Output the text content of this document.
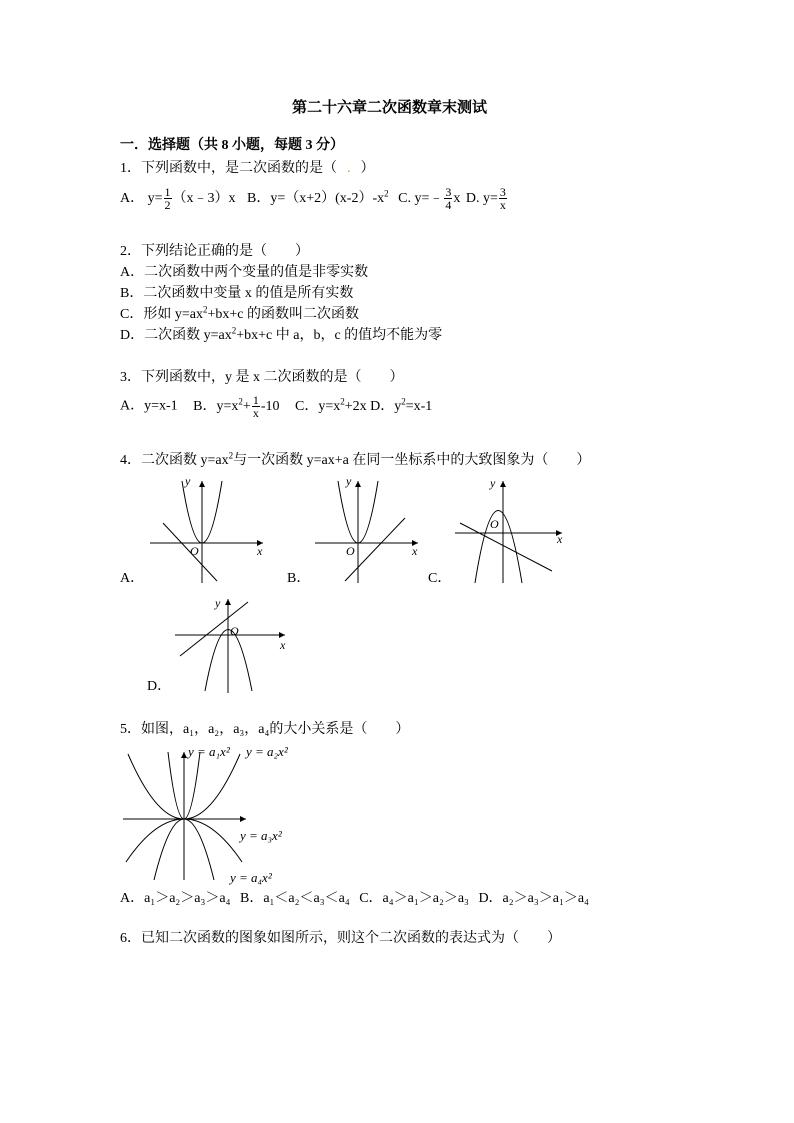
第二十六章二次函数章末测试
一．选择题（共 8 小题，每题 3 分）
1．下列函数中，是二次函数的是（ . ）
A． $y= \frac{1}{2}$ （x﹣3）x B．$y=(x+2)(x-2)-x^2$ C. y=﹣ $\frac{3}{4}$ x D. $y= \frac{3}{x}$
2．下列结论正确的是（　　）
A．二次函数中两个变量的值是非零实数
B．二次函数中变量 x 的值是所有实数
C．形如 $y=ax^2+bx+c$ 的函数叫二次函数
D．二次函数 $y=ax^2+bx+c$ 中 a，b，c 的值均不能为零
3．下列函数中，y 是 x 二次函数的是（　　）
A．y=x-1 B．$y=x^2+ \frac{1}{x} -10$ C．$y=x^2+2x$ D．$y^2=x-1$
4．二次函数 $y=ax^2$与一次函数 y=ax+a 在同一坐标系中的大致图象为（　　）
y
x
O
A．
y
x
O
B．
y
x
O
C．
y
x
O
D．
5．如图，a₁，a₂，a₃，a₄的大小关系是（　　）
y = a₁x² y = a₂x²
y = a₃x²
y = a₄x²
A．a₁＞a₂＞a₃＞a₄ B．a₁＜a₂＜a₃＜a₄ C．a₄＞a₁＞a₂＞a₃ D．a₂＞a₃＞a₁＞a₄
6．已知二次函数的图象如图所示，则这个二次函数的表达式为（　　）
